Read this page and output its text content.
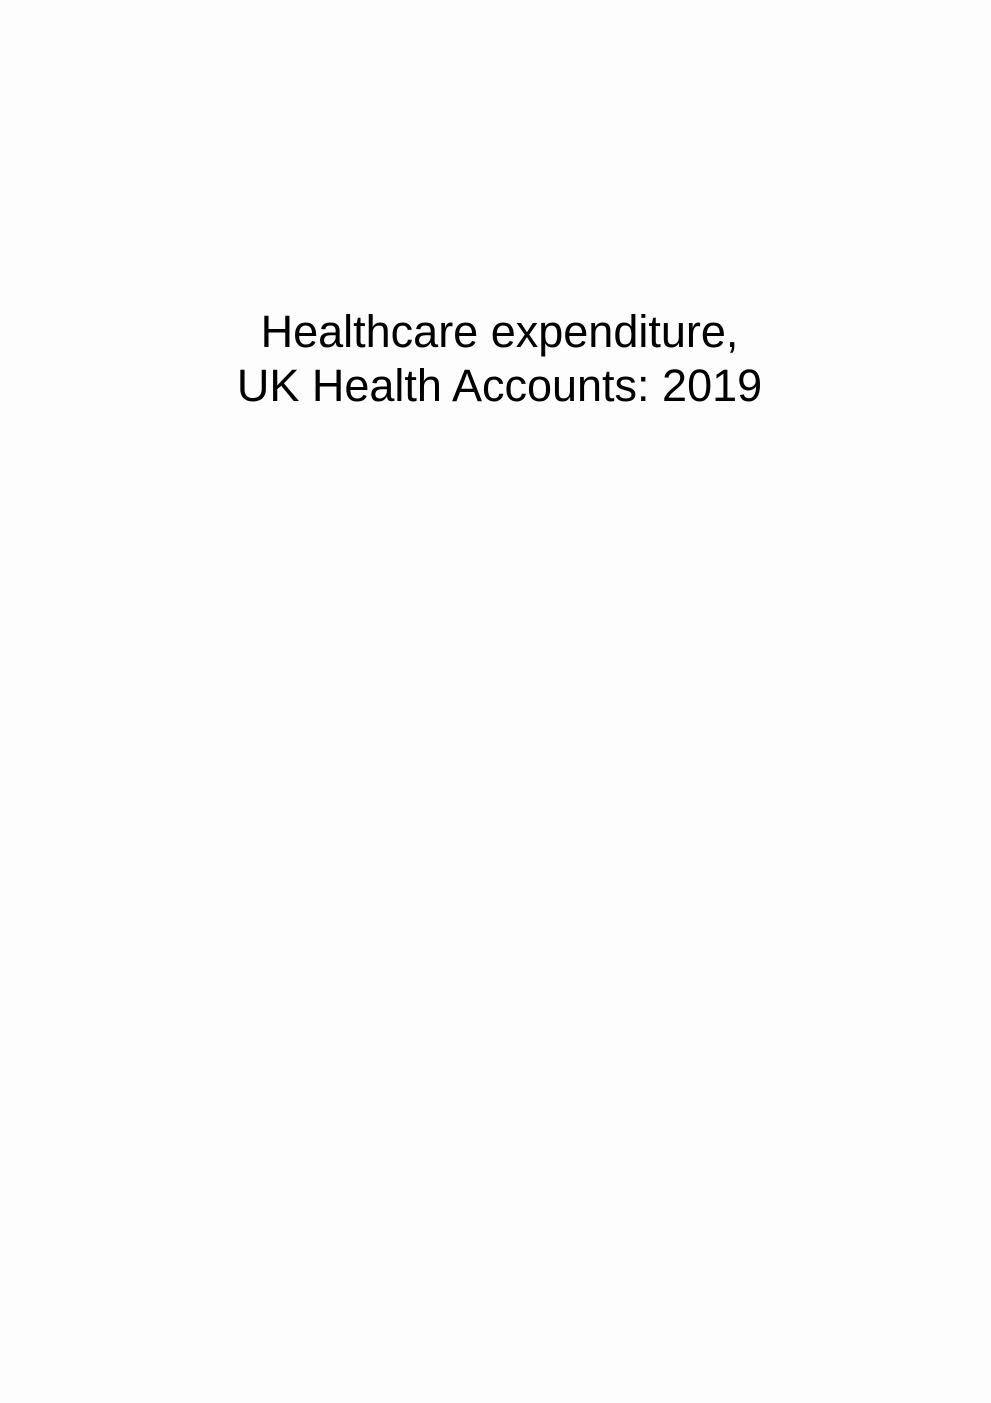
Healthcare expenditure,
UK Health Accounts: 2019
